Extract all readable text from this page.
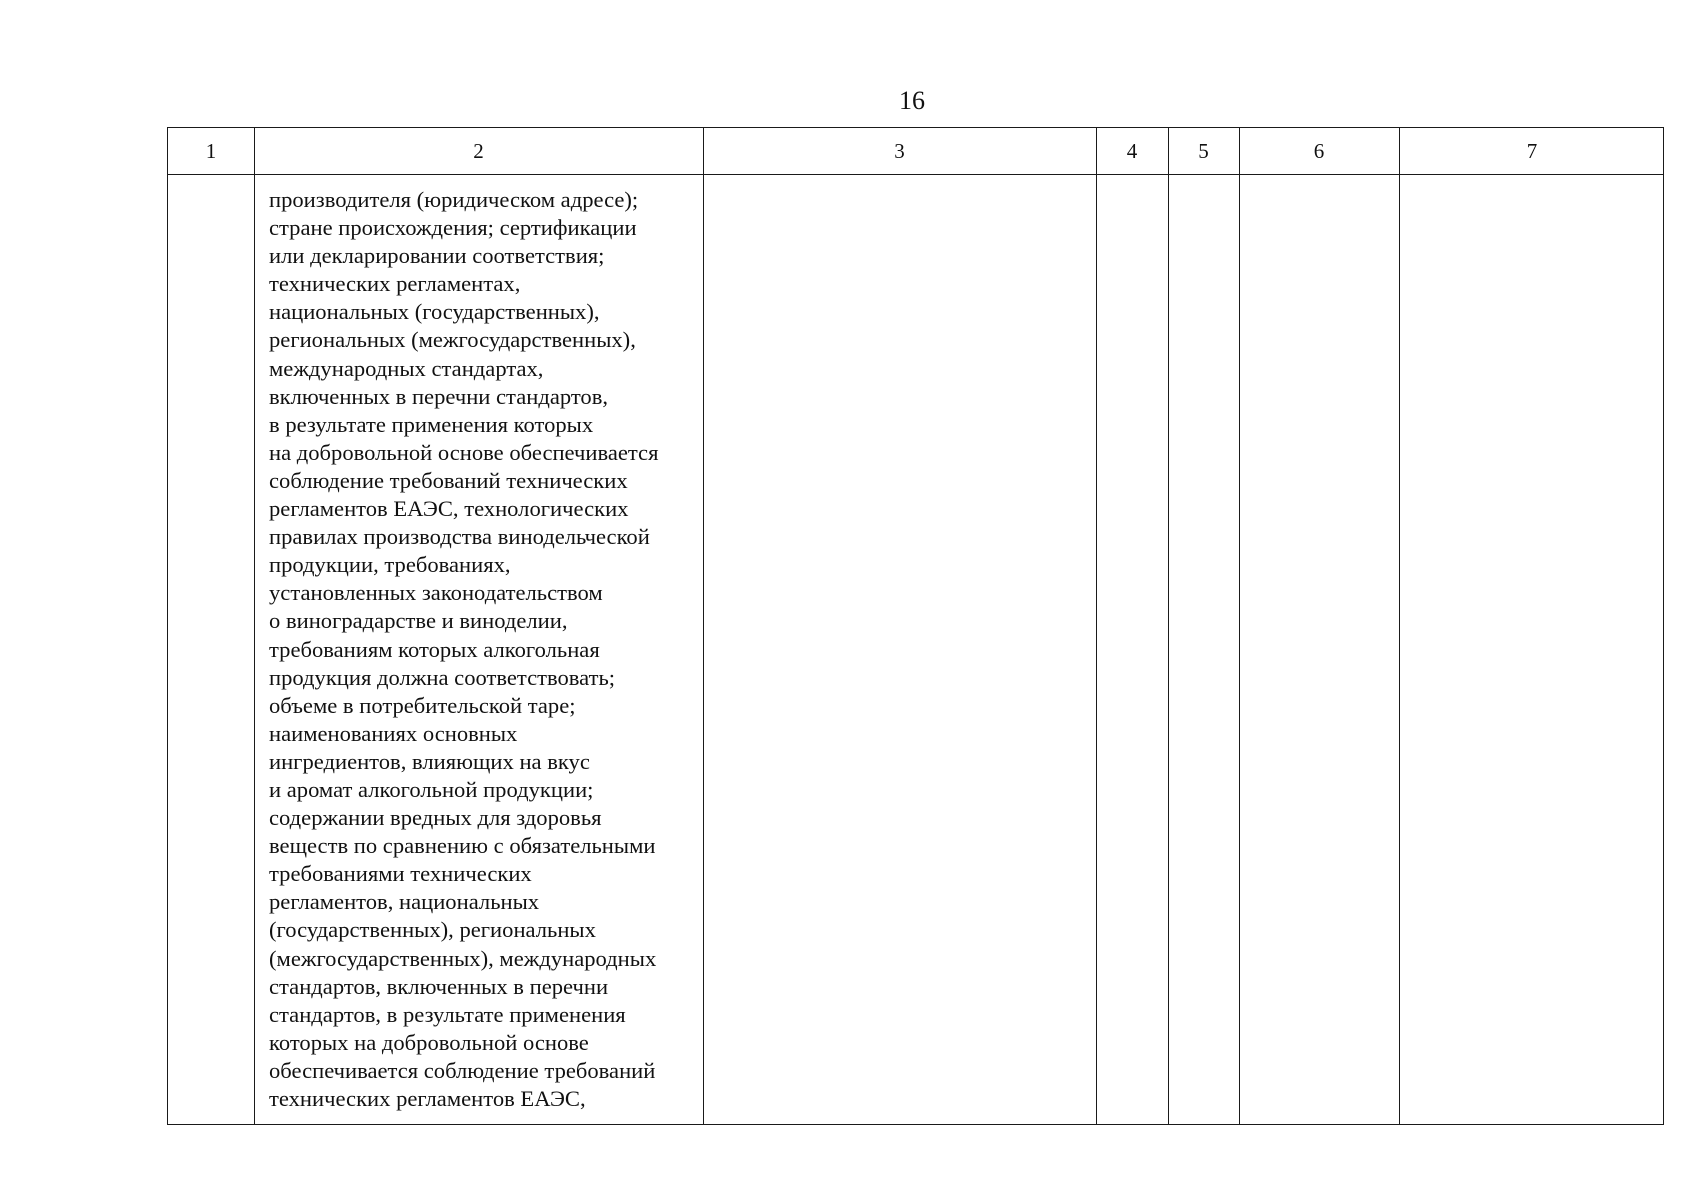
16
1	2	3	4	5	6	7
производителя (юридическом адресе);
стране происхождения; сертификации
или декларировании соответствия;
технических регламентах,
национальных (государственных),
региональных (межгосударственных),
международных стандартах,
включенных в перечни стандартов,
в результате применения которых
на добровольной основе обеспечивается
соблюдение требований технических
регламентов ЕАЭС, технологических
правилах производства винодельческой
продукции, требованиях,
установленных законодательством
о виноградарстве и виноделии,
требованиям которых алкогольная
продукция должна соответствовать;
объеме в потребительской таре;
наименованиях основных
ингредиентов, влияющих на вкус
и аромат алкогольной продукции;
содержании вредных для здоровья
веществ по сравнению с обязательными
требованиями технических
регламентов, национальных
(государственных), региональных
(межгосударственных), международных
стандартов, включенных в перечни
стандартов, в результате применения
которых на добровольной основе
обеспечивается соблюдение требований
технических регламентов ЕАЭС,
